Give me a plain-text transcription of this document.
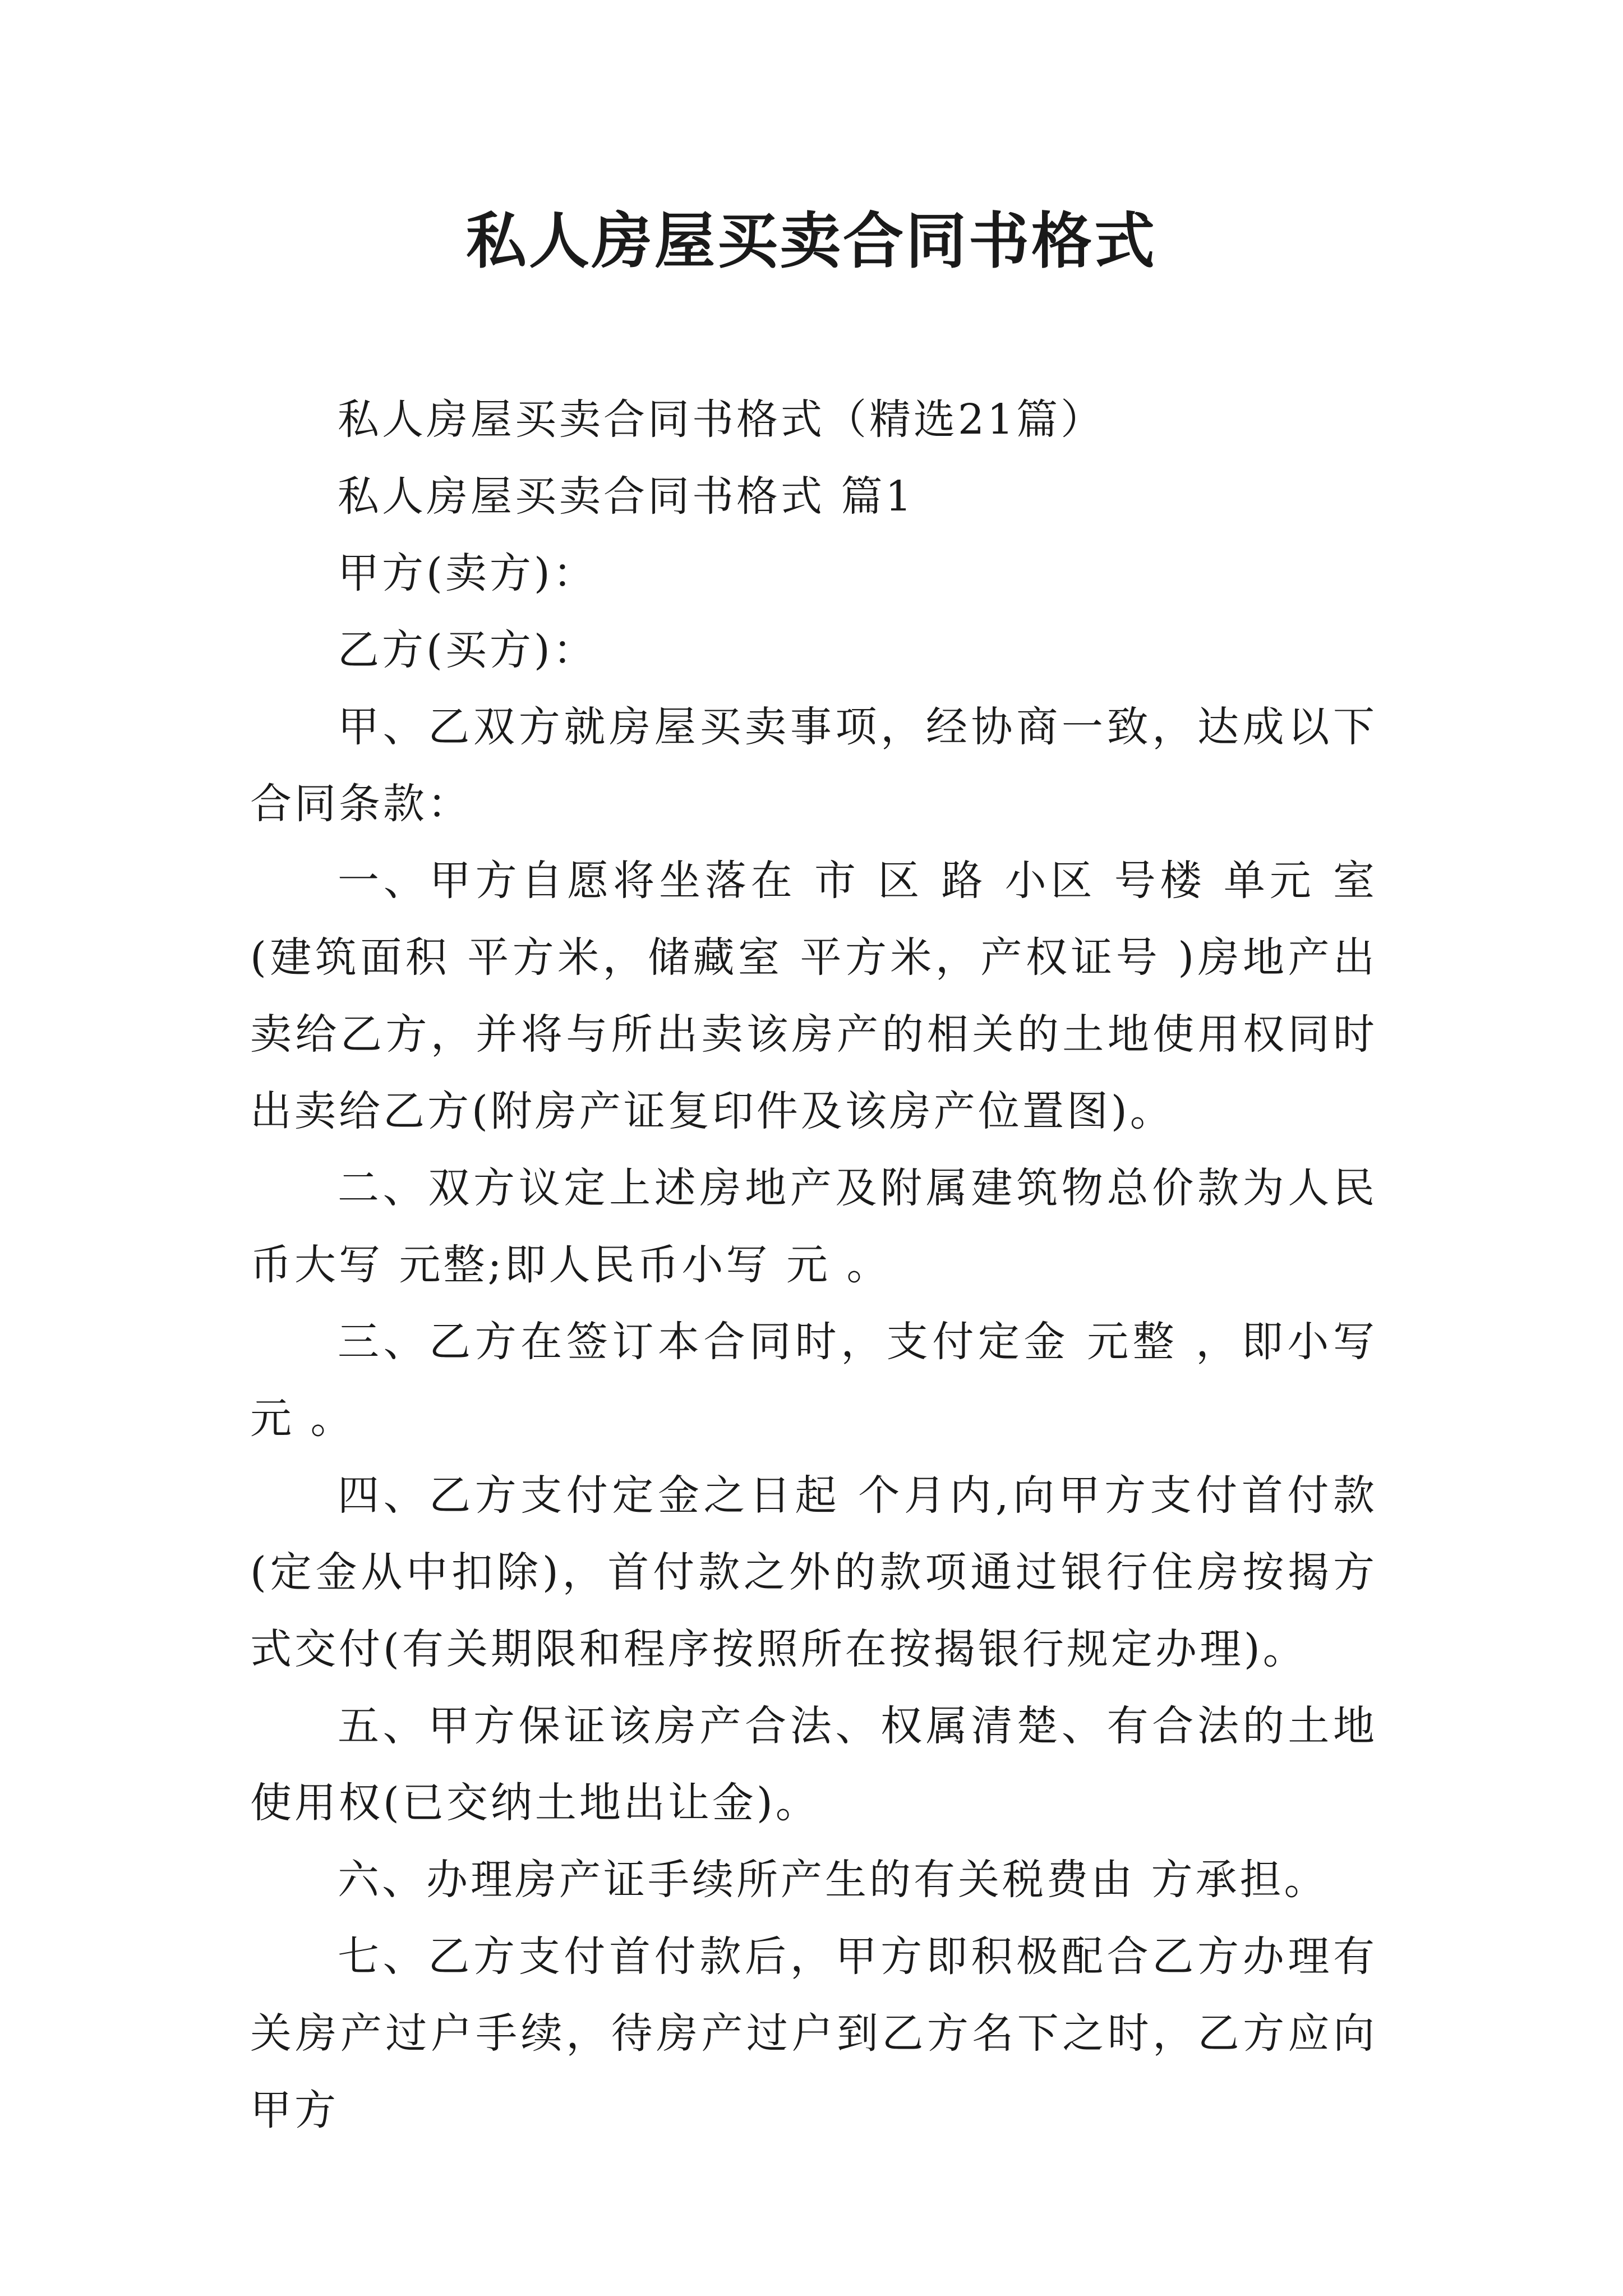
私人房屋买卖合同书格式

私人房屋买卖合同书格式（精选21篇）

私人房屋买卖合同书格式 篇1

甲方(卖方)：

乙方(买方)：

甲、乙双方就房屋买卖事项，经协商一致，达成以下合同条款：

一、甲方自愿将坐落在 市 区 路 小区 号楼 单元 室 (建筑面积 平方米，储藏室 平方米，产权证号 )房地产出卖给乙方，并将与所出卖该房产的相关的土地使用权同时出卖给乙方(附房产证复印件及该房产位置图)。

二、双方议定上述房地产及附属建筑物总价款为人民币大写 元整;即人民币小写 元 。

三、乙方在签订本合同时，支付定金 元整 ，即小写 元 。

四、乙方支付定金之日起 个月内,向甲方支付首付款(定金从中扣除)，首付款之外的款项通过银行住房按揭方式交付(有关期限和程序按照所在按揭银行规定办理)。

五、甲方保证该房产合法、权属清楚、有合法的土地使用权(已交纳土地出让金)。

六、办理房产证手续所产生的有关税费由 方承担。

七、乙方支付首付款后，甲方即积极配合乙方办理有关房产过户手续，待房产过户到乙方名下之时，乙方应向甲方
